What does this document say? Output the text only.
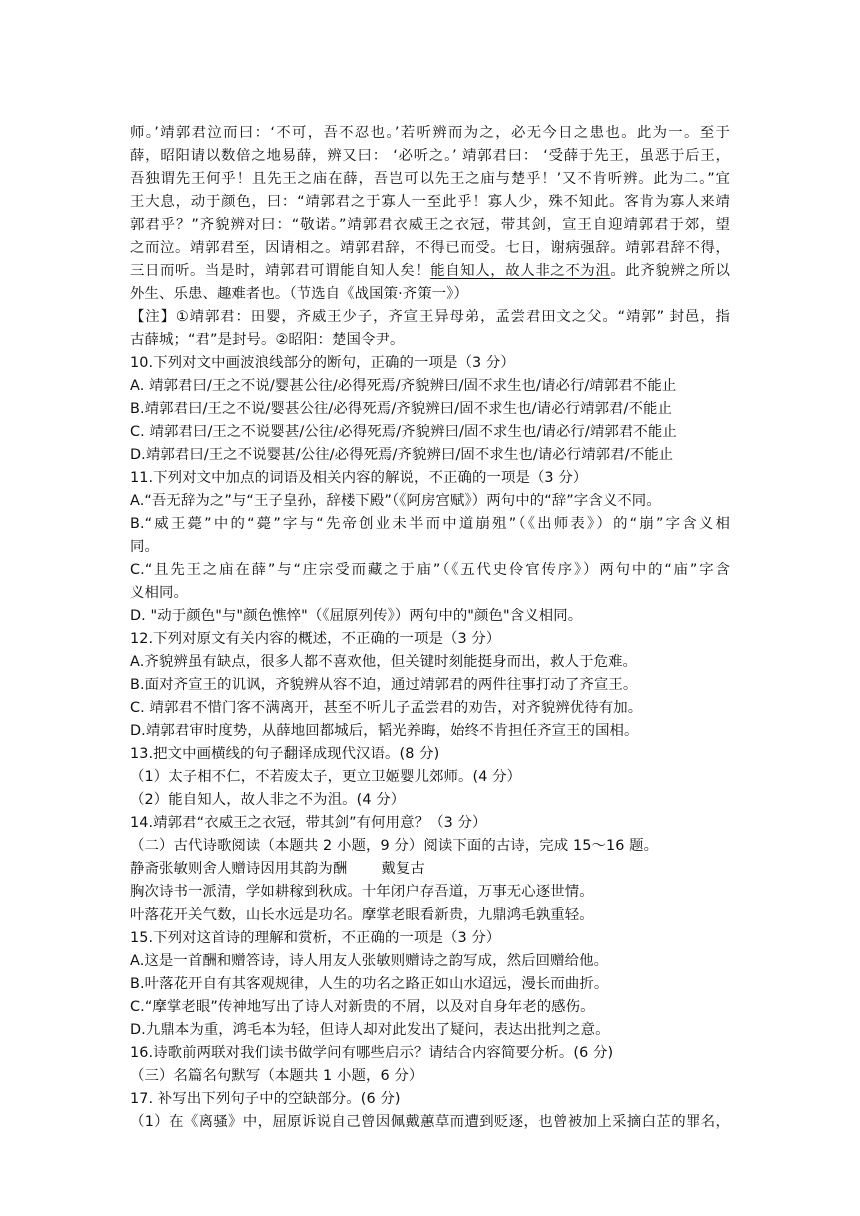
师。’靖郭君泣而曰：‘不可，吾不忍也。’若听辨而为之，必无今日之患也。此为一。至于
薛，昭阳请以数倍之地易薛，辨又曰： ‘必听之。’ 靖郭君曰： ‘受薛于先王，虽恶于后王，
吾独谓先王何乎！且先王之庙在薛，吾岂可以先王之庙与楚乎！’又不肯听辨。此为二。”宜
王大息，动于颜色，曰：“靖郭君之于寡人一至此乎！寡人少，殊不知此。客肯为寡人来靖
郭君乎？”齐貌辨对曰：“敬诺。”靖郭君衣威王之衣冠，带其剑，宣王自迎靖郭君于郊，望
之而泣。靖郭君至，因请相之。靖郭君辞，不得已而受。七日，谢病强辞。靖郭君辞不得，
三日而听。当是时，靖郭君可谓能自知人矣！能自知人，故人非之不为沮。此齐貌辨之所以
外生、乐患、趣难者也。（节选自《战国策·齐策一》）
【注】①靖郭君：田婴，齐威王少子，齐宣王异母弟，孟尝君田文之父。“靖郭” 封邑，指
古薛城；“君”是封号。②昭阳：楚国令尹。
10.下列对文中画波浪线部分的断句，正确的一项是（3 分）
A. 靖郭君曰/王之不说/婴甚公往/必得死焉/齐貌辨曰/固不求生也/请必行/靖郭君不能止
B.靖郭君曰/王之不说/婴甚公往/必得死焉/齐貌辨曰/固不求生也/请必行靖郭君/不能止
C. 靖郭君曰/王之不说婴甚/公往/必得死焉/齐貌辨曰/固不求生也/请必行/靖郭君不能止
D.靖郭君曰/王之不说婴甚/公往/必得死焉/齐貌辨曰/固不求生也/请必行靖郭君/不能止
11.下列对文中加点的词语及相关内容的解说，不正确的一项是（3 分）
A.“吾无辞为之”与“王子皇孙，辞楼下殿”（《阿房宫赋》）两句中的“辞”字含义不同。
B.“威王薨”中的“薨”字与“先帝创业未半而中道崩殂”（《出师表》）的“崩”字含义相
同。
C.“且先王之庙在薛”与“庄宗受而藏之于庙”（《五代史伶官传序》）两句中的“庙”字含
义相同。
D. "动于颜色"与"颜色憔悴"（《屈原列传》）两句中的"颜色"含义相同。
12.下列对原文有关内容的概述，不正确的一项是（3 分）
A.齐貌辨虽有缺点，很多人都不喜欢他，但关键时刻能挺身而出，救人于危难。
B.面对齐宣王的讥讽，齐貌辨从容不迫，通过靖郭君的两件往事打动了齐宣王。
C. 靖郭君不惜门客不满离开，甚至不听儿子孟尝君的劝告，对齐貌辨优待有加。
D.靖郭君审时度势，从薛地回都城后，韬光养晦，始终不肯担任齐宣王的国相。
13.把文中画横线的句子翻译成现代汉语。(8 分)
（1）太子相不仁，不若废太子，更立卫姬婴儿郊师。(4 分）
（2）能自知人，故人非之不为沮。(4 分）
14.靖郭君“衣威王之衣冠，带其剑”有何用意？（3 分）
（二）古代诗歌阅读（本题共 2 小题，9 分）阅读下面的古诗，完成 15～16 题。
静斋张敏则舍人赠诗因用其韵为酬 戴复古
胸次诗书一派清，学如耕稼到秋成。十年闭户存吾道，万事无心逐世情。
叶落花开关气数，山长水远是功名。摩掌老眼看新贵，九鼎鸿毛孰重轻。
15.下列对这首诗的理解和赏析，不正确的一项是（3 分）
A.这是一首酬和赠答诗，诗人用友人张敏则赠诗之韵写成，然后回赠给他。
B.叶落花开自有其客观规律，人生的功名之路正如山水迢远，漫长而曲折。
C.“摩掌老眼”传神地写出了诗人对新贵的不屑，以及对自身年老的感伤。
D.九鼎本为重，鸿毛本为轻，但诗人却对此发出了疑问，表达出批判之意。
16.诗歌前两联对我们读书做学问有哪些启示？请结合内容简要分析。(6 分)
（三）名篇名句默写（本题共 1 小题，6 分）
17. 补写出下列句子中的空缺部分。(6 分)
（1）在《离骚》中，屈原诉说自己曾因佩戴蕙草而遭到贬逐，也曾被加上采摘白芷的罪名，
